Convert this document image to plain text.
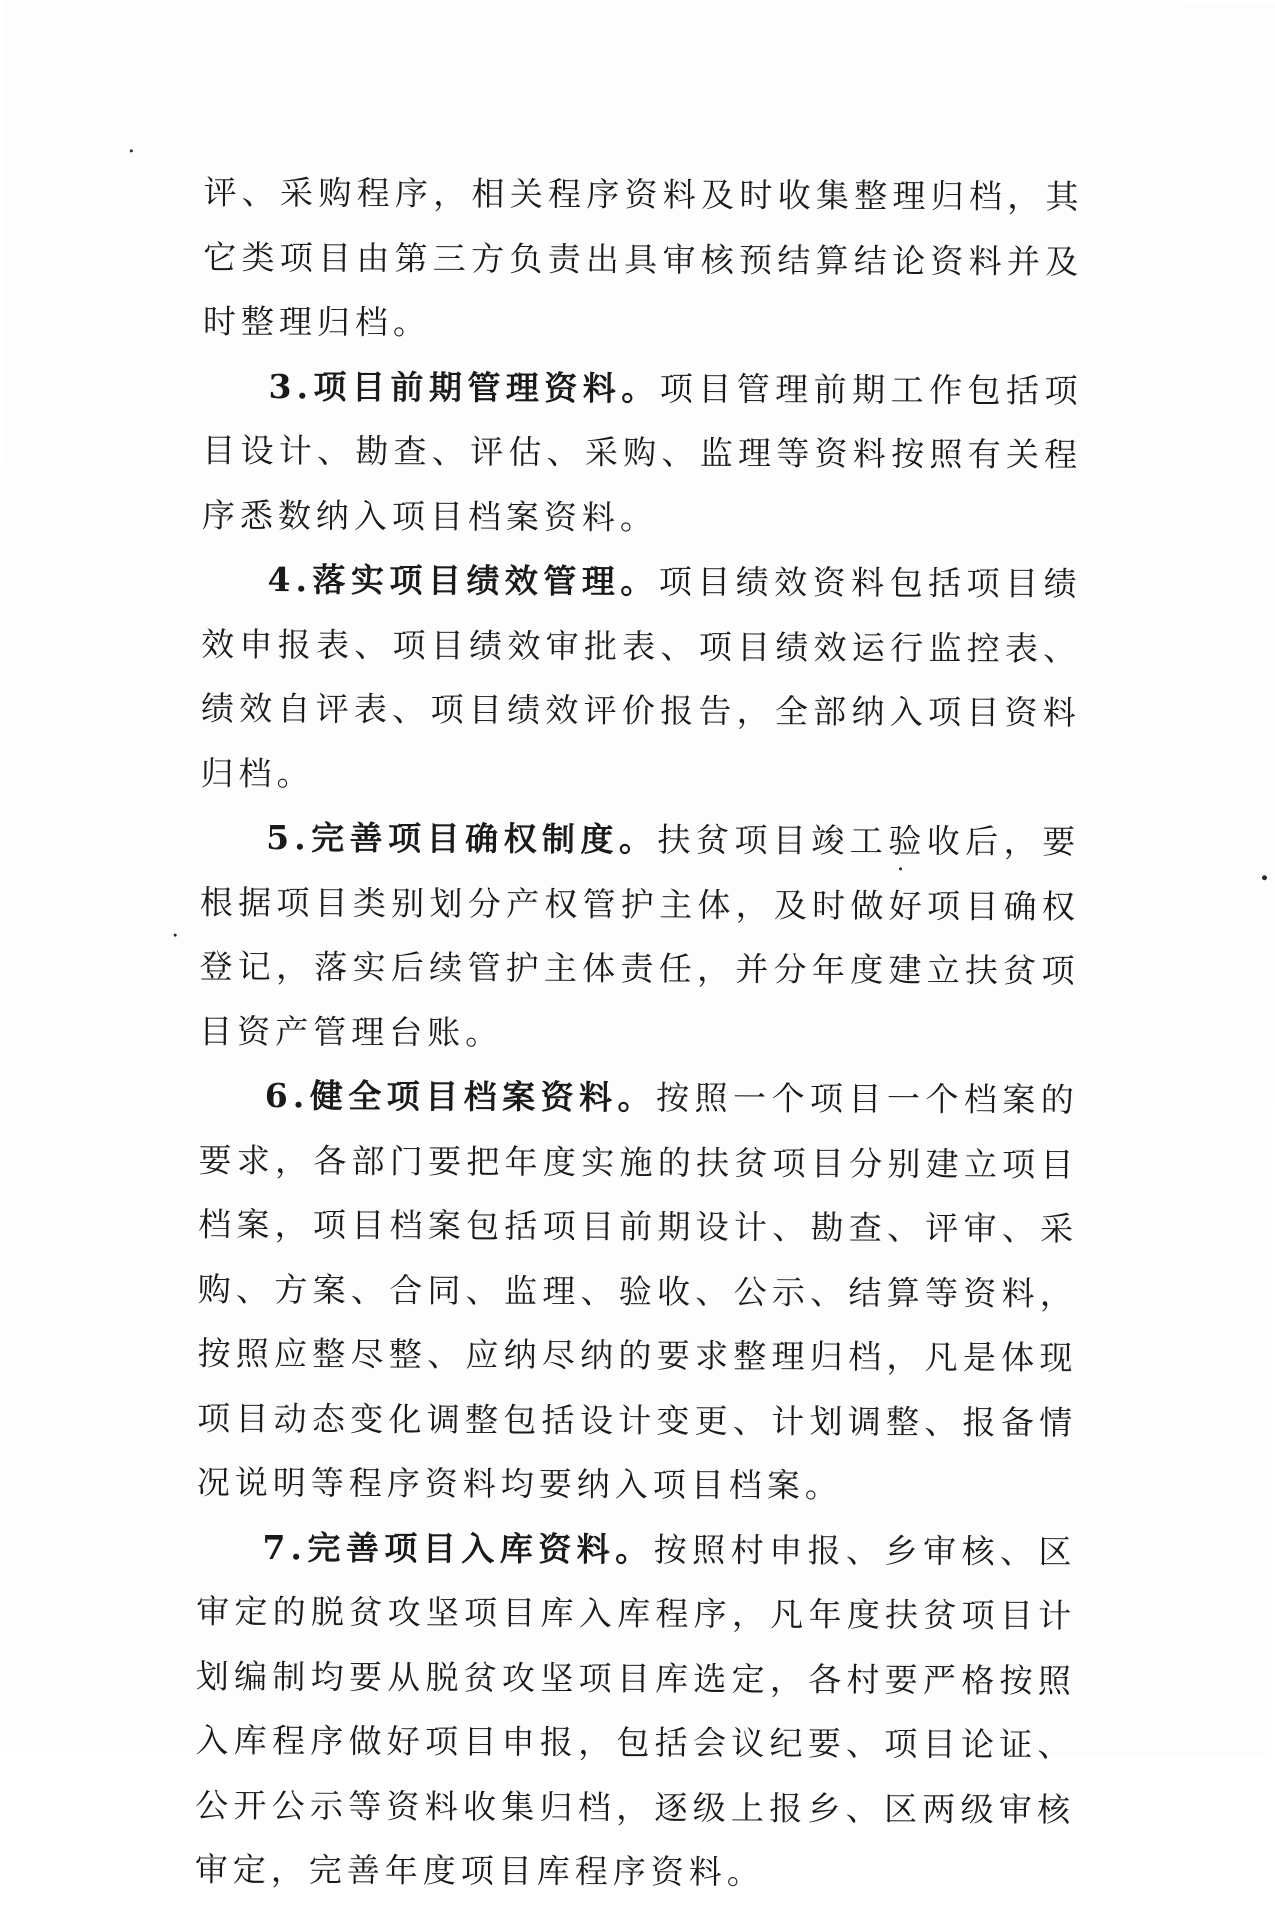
评、采购程序，相关程序资料及时收集整理归档，其它类项目由第三方负责出具审核预结算结论资料并及时整理归档。

3.项目前期管理资料。项目管理前期工作包括项目设计、勘查、评估、采购、监理等资料按照有关程序悉数纳入项目档案资料。

4.落实项目绩效管理。项目绩效资料包括项目绩效申报表、项目绩效审批表、项目绩效运行监控表、绩效自评表、项目绩效评价报告，全部纳入项目资料归档。

5.完善项目确权制度。扶贫项目竣工验收后，要根据项目类别划分产权管护主体，及时做好项目确权登记，落实后续管护主体责任，并分年度建立扶贫项目资产管理台账。

6.健全项目档案资料。按照一个项目一个档案的要求，各部门要把年度实施的扶贫项目分别建立项目档案，项目档案包括项目前期设计、勘查、评审、采购、方案、合同、监理、验收、公示、结算等资料，按照应整尽整、应纳尽纳的要求整理归档，凡是体现项目动态变化调整包括设计变更、计划调整、报备情况说明等程序资料均要纳入项目档案。

7.完善项目入库资料。按照村申报、乡审核、区审定的脱贫攻坚项目库入库程序，凡年度扶贫项目计划编制均要从脱贫攻坚项目库选定，各村要严格按照入库程序做好项目申报，包括会议纪要、项目论证、公开公示等资料收集归档，逐级上报乡、区两级审核审定，完善年度项目库程序资料。
